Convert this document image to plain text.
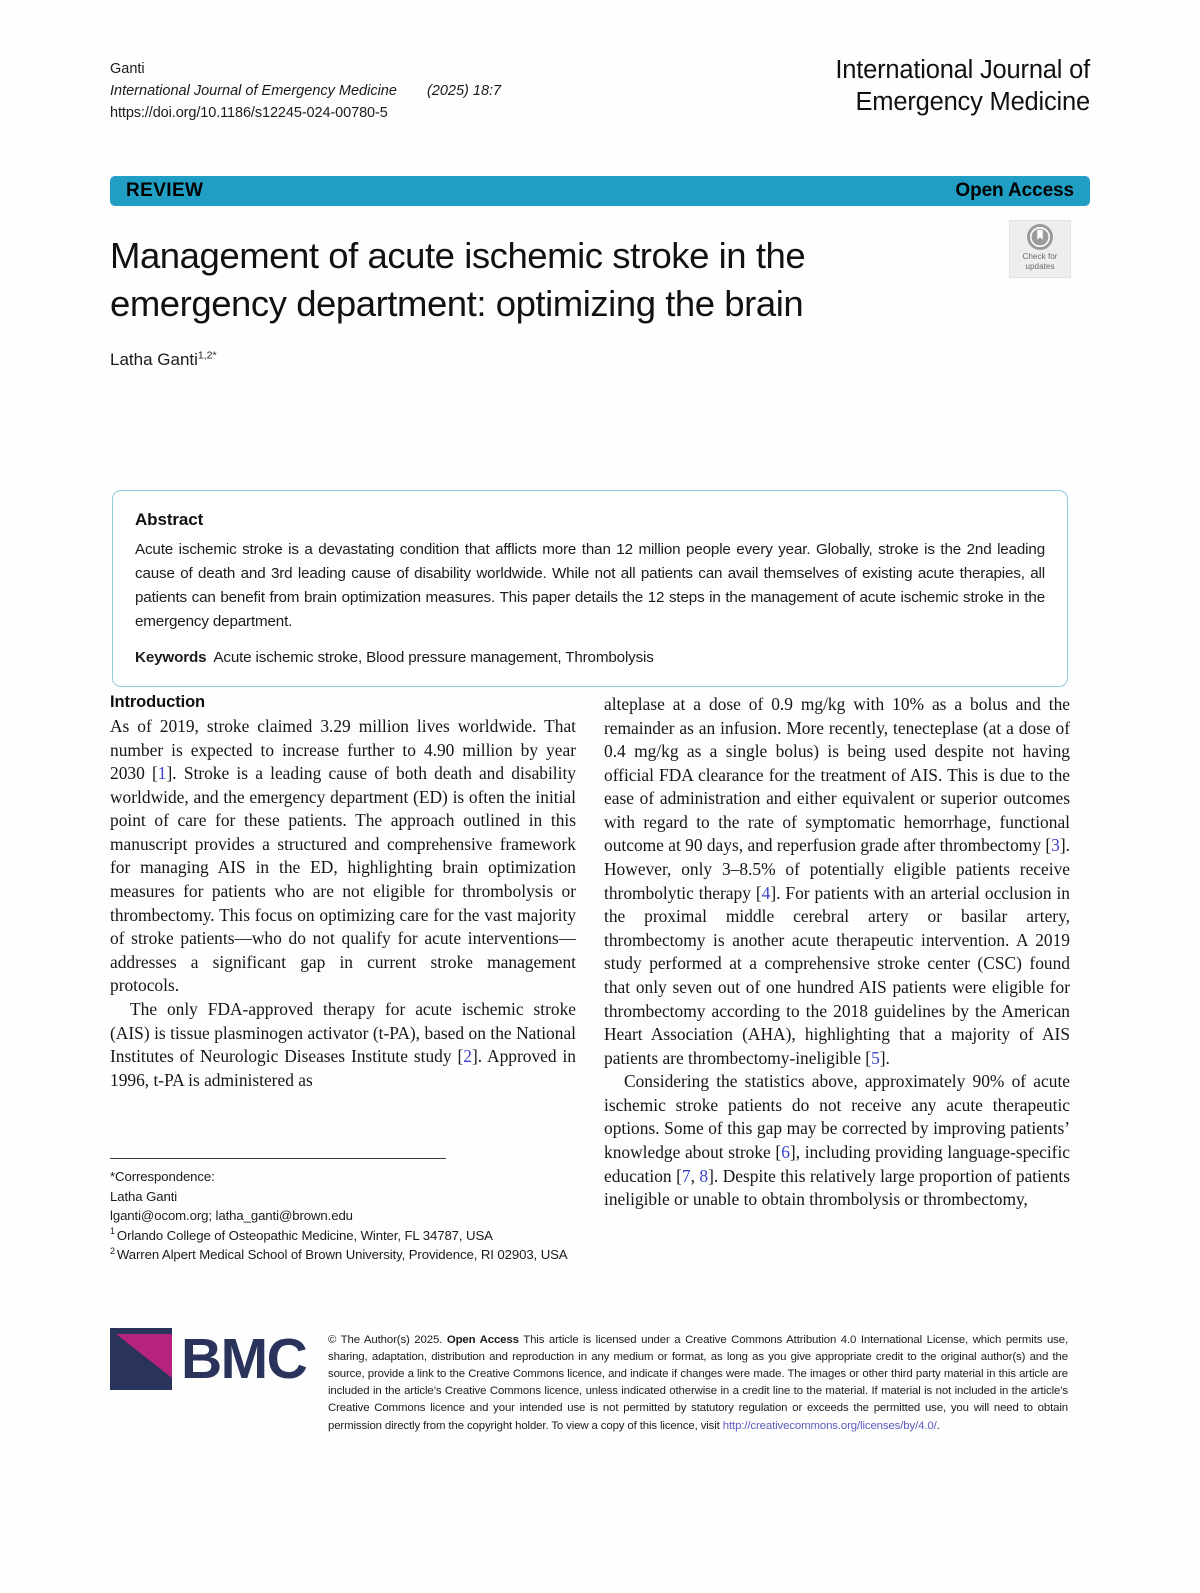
Ganti
International Journal of Emergency Medicine (2025) 18:7
https://doi.org/10.1186/s12245-024-00780-5
International Journal of
Emergency Medicine
REVIEW	Open Access
Check for
updates
Management of acute ischemic stroke in the emergency department: optimizing the brain
Latha Ganti$^{1,2*}$
Abstract

Acute ischemic stroke is a devastating condition that afflicts more than 12 million people every year. Globally, stroke is the 2nd leading cause of death and 3rd leading cause of disability worldwide. While not all patients can avail themselves of existing acute therapies, all patients can benefit from brain optimization measures. This paper details the 12 steps in the management of acute ischemic stroke in the emergency department.

Keywords Acute ischemic stroke, Blood pressure management, Thrombolysis
Introduction

As of 2019, stroke claimed 3.29 million lives worldwide. That number is expected to increase further to 4.90 million by year 2030 [1]. Stroke is a leading cause of both death and disability worldwide, and the emergency department (ED) is often the initial point of care for these patients. The approach outlined in this manuscript provides a structured and comprehensive framework for managing AIS in the ED, highlighting brain optimization measures for patients who are not eligible for thrombolysis or thrombectomy. This focus on optimizing care for the vast majority of stroke patients—who do not qualify for acute interventions—addresses a significant gap in current stroke management protocols.

The only FDA-approved therapy for acute ischemic stroke (AIS) is tissue plasminogen activator (t-PA), based on the National Institutes of Neurologic Diseases Institute study [2]. Approved in 1996, t-PA is administered as

alteplase at a dose of 0.9 mg/kg with 10% as a bolus and the remainder as an infusion. More recently, tenecteplase (at a dose of 0.4 mg/kg as a single bolus) is being used despite not having official FDA clearance for the treatment of AIS. This is due to the ease of administration and either equivalent or superior outcomes with regard to the rate of symptomatic hemorrhage, functional outcome at 90 days, and reperfusion grade after thrombectomy [3]. However, only 3–8.5% of potentially eligible patients receive thrombolytic therapy [4]. For patients with an arterial occlusion in the proximal middle cerebral artery or basilar artery, thrombectomy is another acute therapeutic intervention. A 2019 study performed at a comprehensive stroke center (CSC) found that only seven out of one hundred AIS patients were eligible for thrombectomy according to the 2018 guidelines by the American Heart Association (AHA), highlighting that a majority of AIS patients are thrombectomy-ineligible [5].

Considering the statistics above, approximately 90% of acute ischemic stroke patients do not receive any acute therapeutic options. Some of this gap may be corrected by improving patients’ knowledge about stroke [6], including providing language-specific education [7, 8]. Despite this relatively large proportion of patients ineligible or unable to obtain thrombolysis or thrombectomy,

*Correspondence:
Latha Ganti
lganti@ocom.org; latha_ganti@brown.edu
$^1$ Orlando College of Osteopathic Medicine, Winter, FL 34787, USA
$^2$ Warren Alpert Medical School of Brown University, Providence, RI 02903, USA
BMC © The Author(s) 2025. Open Access This article is licensed under a Creative Commons Attribution 4.0 International License, which permits use, sharing, adaptation, distribution and reproduction in any medium or format, as long as you give appropriate credit to the original author(s) and the source, provide a link to the Creative Commons licence, and indicate if changes were made. The images or other third party material in this article are included in the article’s Creative Commons licence, unless indicated otherwise in a credit line to the material. If material is not included in the article’s Creative Commons licence and your intended use is not permitted by statutory regulation or exceeds the permitted use, you will need to obtain permission directly from the copyright holder. To view a copy of this licence, visit http://creativecommons.org/licenses/by/4.0/.
